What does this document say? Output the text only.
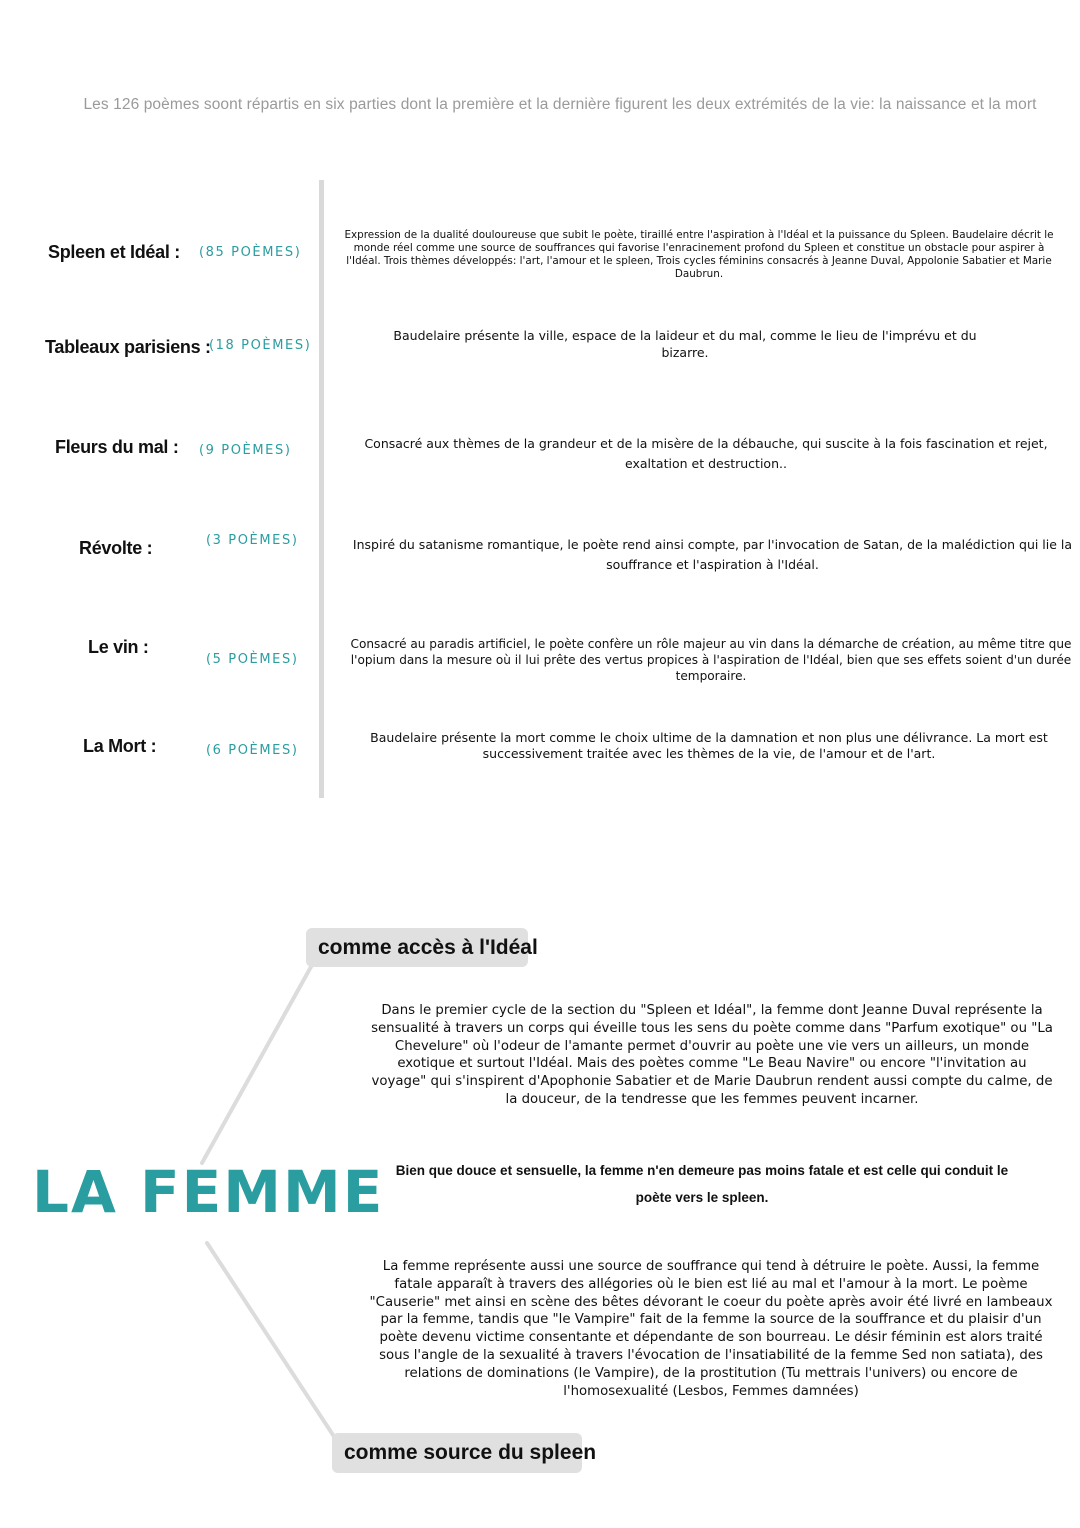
Les 126 poèmes soont répartis en six parties dont la première et la dernière figurent les deux extrémités de la vie: la naissance et la mort
Spleen et Idéal : (85 POÈMES)
Expression de la dualité douloureuse que subit le poète, tiraillé entre l'aspiration à l'Idéal et la puissance du Spleen. Baudelaire décrit le monde réel comme une source de souffrances qui favorise l'enracinement profond du Spleen et constitue un obstacle pour aspirer à l'Idéal. Trois thèmes développés: l'art, l'amour et le spleen, Trois cycles féminins consacrés à Jeanne Duval, Appolonie Sabatier et Marie Daubrun.
Tableaux parisiens :
(18 POÈMES)
Baudelaire présente la ville, espace de la laideur et du mal, comme le lieu de l'imprévu et du bizarre.
Fleurs du mal : (9 POÈMES)	Consacré aux thèmes de la grandeur et de la misère de la débauche, qui suscite à la fois fascination et rejet, exaltation et destruction..
Révolte :	(3 POÈMES)	Inspiré du satanisme romantique, le poète rend ainsi compte, par l'invocation de Satan, de la malédiction qui lie la souffrance et l'aspiration à l'Idéal.
Le vin :
(5 POÈMES)
Consacré au paradis artificiel, le poète confère un rôle majeur au vin dans la démarche de création, au même titre que l'opium dans la mesure où il lui prête des vertus propices à l'aspiration de l'Idéal, bien que ses effets soient d'un durée temporaire.
La Mort :	(6 POÈMES)
Baudelaire présente la mort comme le choix ultime de la damnation et non plus une délivrance. La mort est successivement traitée avec les thèmes de la vie, de l'amour et de l'art.
comme accès à l'Idéal
LA FEMME
Dans le premier cycle de la section du "Spleen et Idéal", la femme dont Jeanne Duval représente la sensualité à travers un corps qui éveille tous les sens du poète comme dans "Parfum exotique" ou "La Chevelure" où l'odeur de l'amante permet d'ouvrir au poète une vie vers un ailleurs, un monde exotique et surtout l'Idéal. Mais des poètes comme "Le Beau Navire" ou encore "l'invitation au voyage" qui s'inspirent d'Apophonie Sabatier et de Marie Daubrun rendent aussi compte du calme, de la douceur, de la tendresse que les femmes peuvent incarner.
Bien que douce et sensuelle, la femme n'en demeure pas moins fatale et est celle qui conduit le poète vers le spleen.
La femme représente aussi une source de souffrance qui tend à détruire le poète. Aussi, la femme fatale apparaît à travers des allégories où le bien est lié au mal et l'amour à la mort. Le poème "Causerie" met ainsi en scène des bêtes dévorant le coeur du poète après avoir été livré en lambeaux par la femme, tandis que "le Vampire" fait de la femme la source de la souffrance et du plaisir d'un poète devenu victime consentante et dépendante de son bourreau. Le désir féminin est alors traité sous l'angle de la sexualité à travers l'évocation de l'insatiabilité de la femme Sed non satiata), des relations de dominations (le Vampire), de la prostitution (Tu mettrais l'univers) ou encore de l'homosexualité (Lesbos, Femmes damnées)
comme source du spleen
